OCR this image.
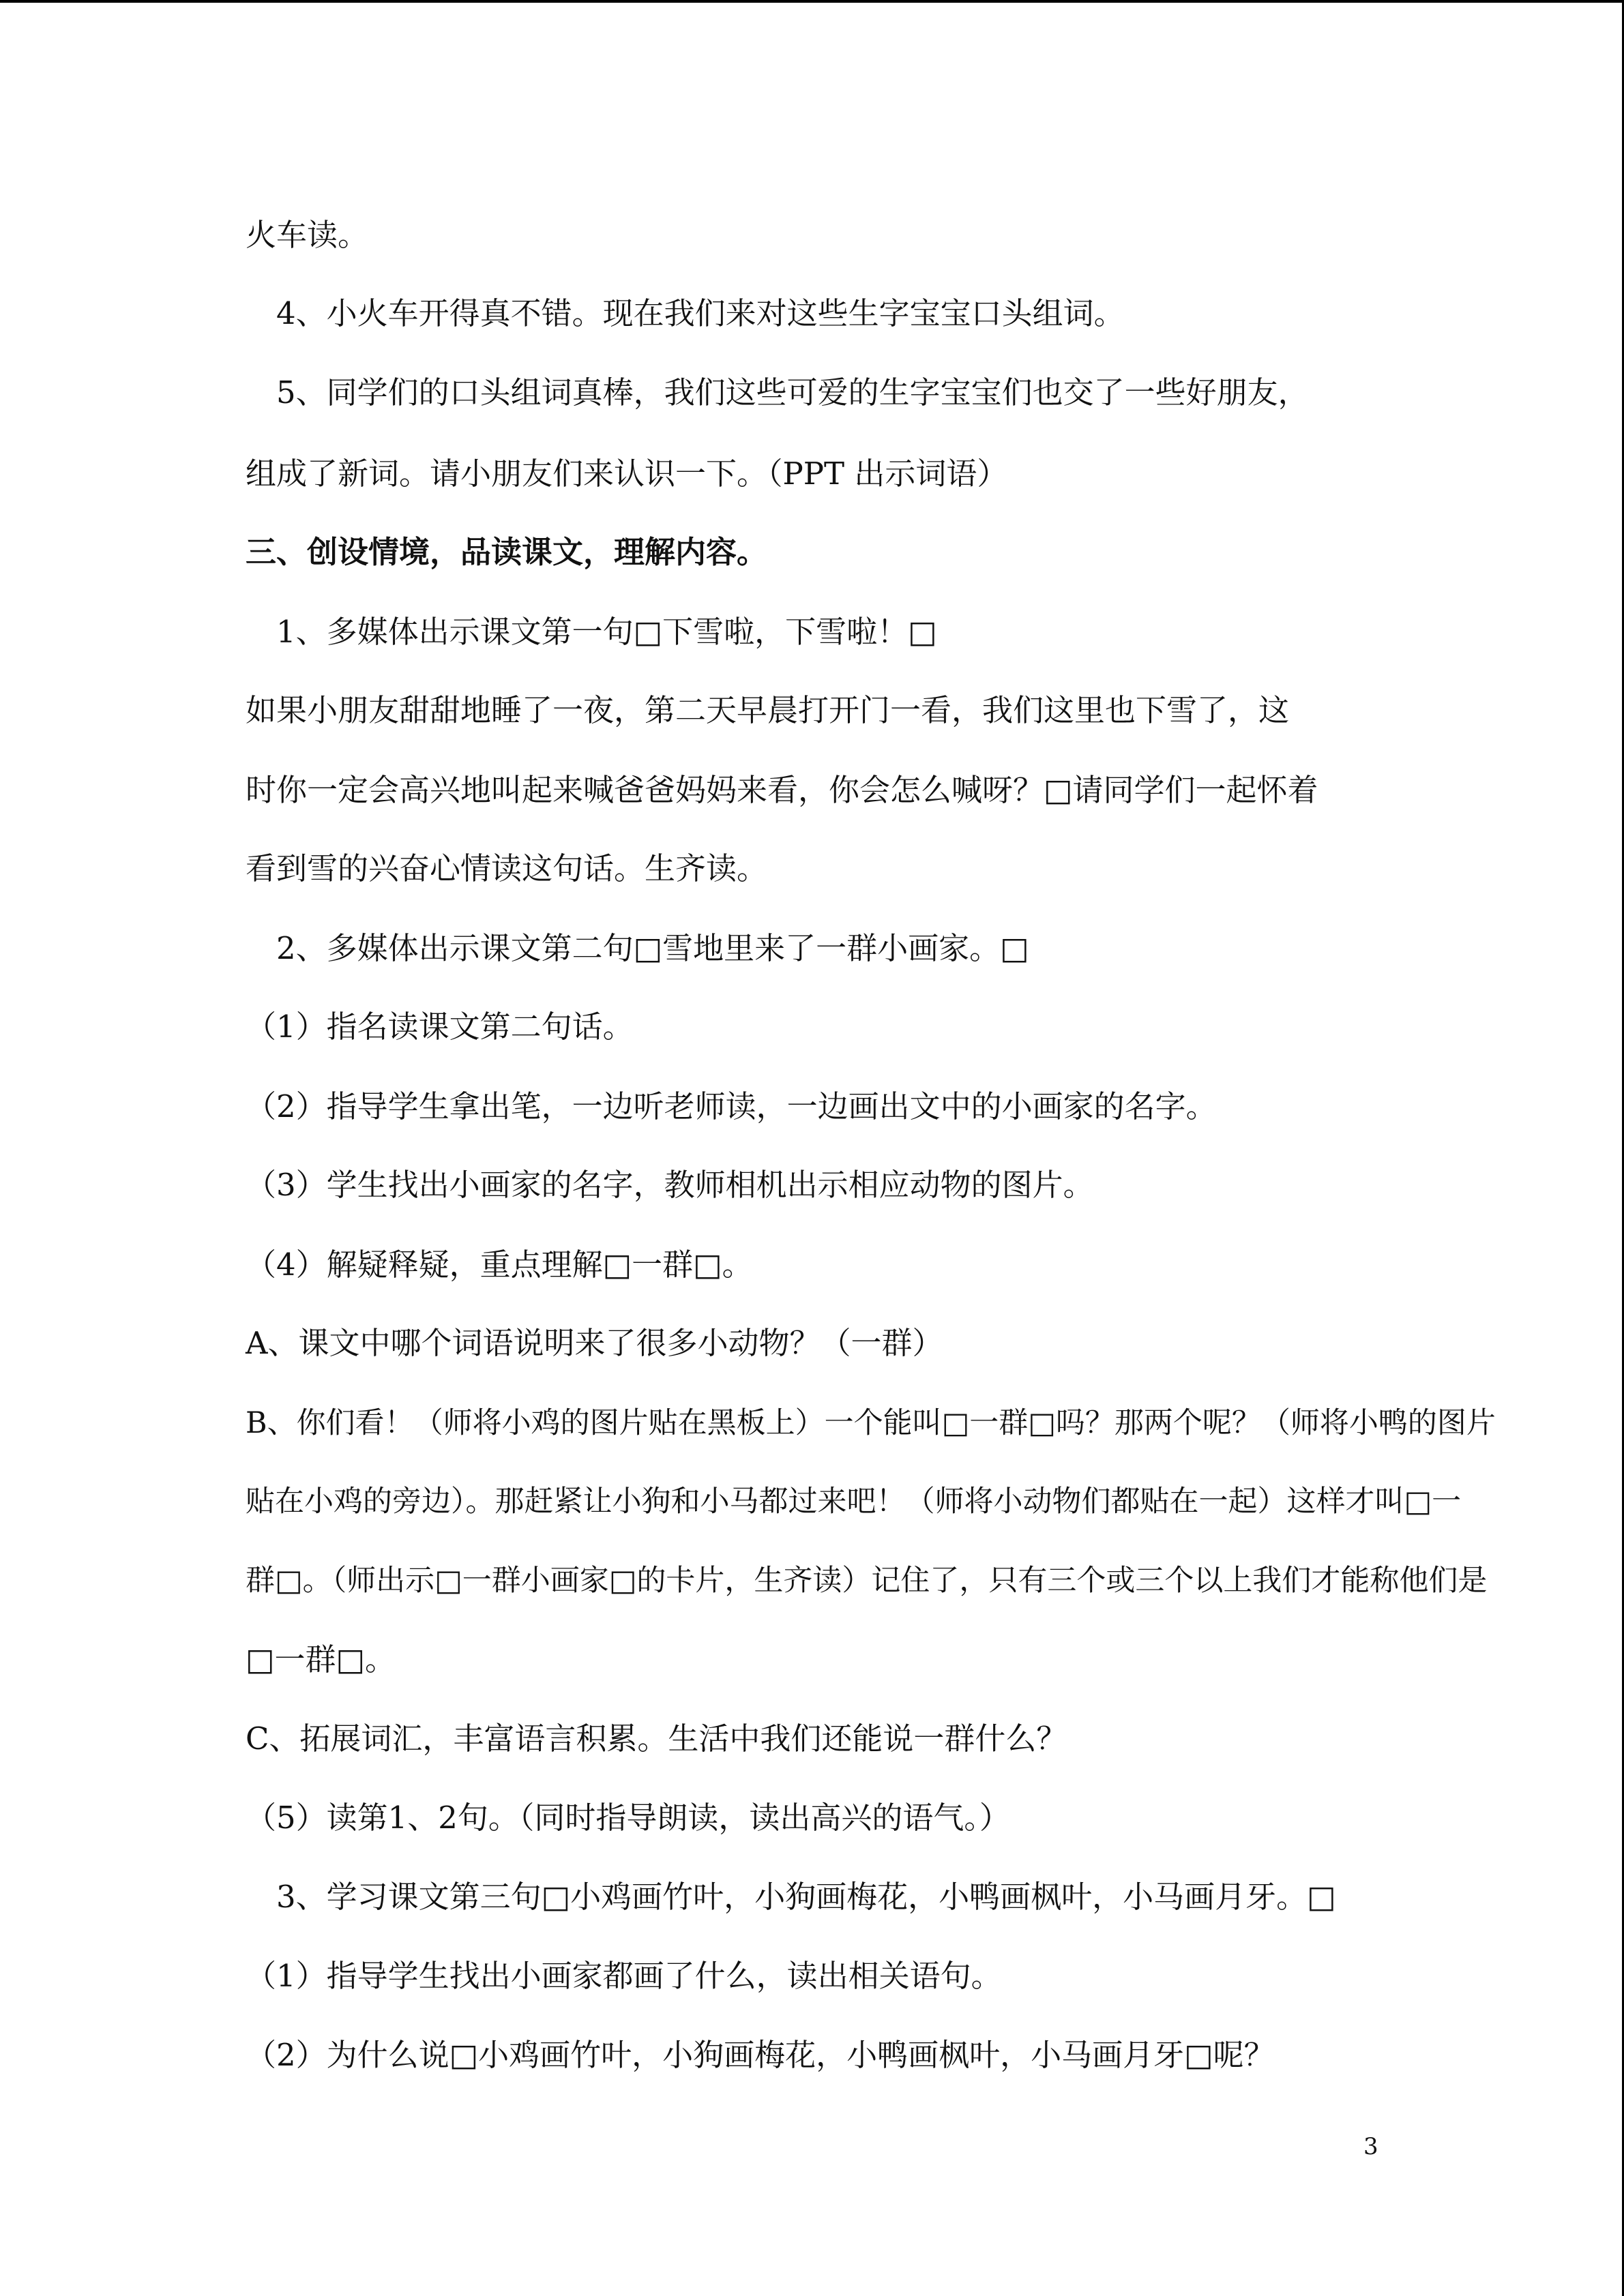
火车读。
4、小火车开得真不错。现在我们来对这些生字宝宝口头组词。
5、同学们的口头组词真棒，我们这些可爱的生字宝宝们也交了一些好朋友，
组成了新词。请小朋友们来认识一下。（PPT 出示词语）
三、创设情境，品读课文，理解内容。
1、多媒体出示课文第一句□下雪啦，下雪啦！□
如果小朋友甜甜地睡了一夜，第二天早晨打开门一看，我们这里也下雪了，这
时你一定会高兴地叫起来喊爸爸妈妈来看，你会怎么喊呀？□请同学们一起怀着
看到雪的兴奋心情读这句话。生齐读。
2、多媒体出示课文第二句□雪地里来了一群小画家。□
（1）指名读课文第二句话。
（2）指导学生拿出笔，一边听老师读，一边画出文中的小画家的名字。
（3）学生找出小画家的名字，教师相机出示相应动物的图片。
（4）解疑释疑，重点理解□一群□。
A、课文中哪个词语说明来了很多小动物？（一群）
B、你们看！（师将小鸡的图片贴在黑板上）一个能叫□一群□吗？那两个呢？（师将小鸭的图片
贴在小鸡的旁边）。那赶紧让小狗和小马都过来吧！（师将小动物们都贴在一起）这样才叫□一
群□。（师出示□一群小画家□的卡片，生齐读）记住了，只有三个或三个以上我们才能称他们是
□一群□。
C、拓展词汇，丰富语言积累。生活中我们还能说一群什么？
（5）读第1、2句。（同时指导朗读，读出高兴的语气。）
3、学习课文第三句□小鸡画竹叶，小狗画梅花，小鸭画枫叶，小马画月牙。□
（1）指导学生找出小画家都画了什么，读出相关语句。
（2）为什么说□小鸡画竹叶，小狗画梅花，小鸭画枫叶，小马画月牙□呢？
3
